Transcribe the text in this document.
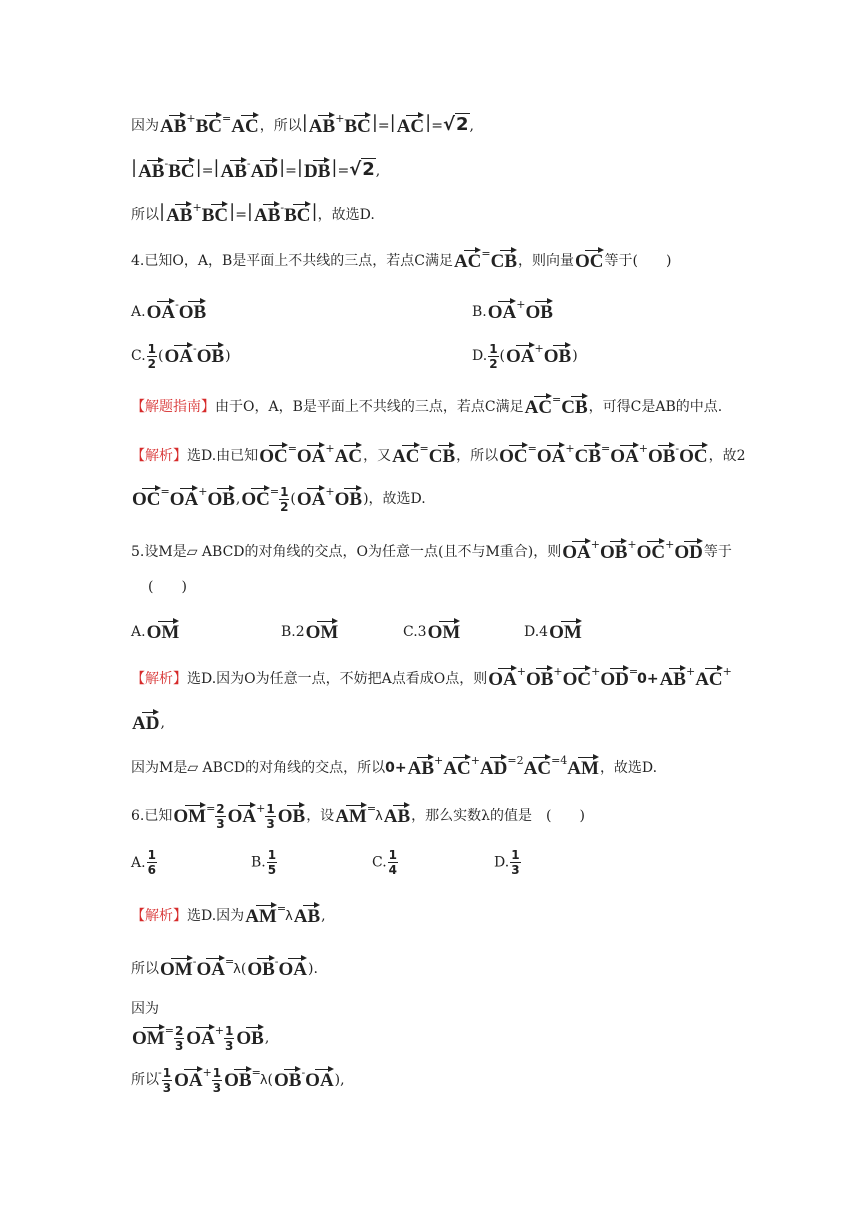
因为AB+BC=AC，所以|AB+BC|=|AC|=√2,
|AB-BC|=|AB-AD|=|DB|=√2,
所以|AB+BC|=|AB-BC|，故选D.
4.已知O，A，B是平面上不共线的三点，若点C满足AC=CB，则向量OC等于(　　)
A.OA-OB	B.OA+OB
C. $\frac{1}{2} (OA^-OB)$	D. $\frac{1}{2} (OA^+OB)$
【解题指南】由于O，A，B是平面上不共线的三点，若点C满足AC=CB，可得C是AB的中点.
【解析】选D.由已知OC=OA+AC，又AC=CB，所以OC=OA+CB=OA+OB-OC，故2
$OC^=OA^+OB,OC^= \frac{1}{2} (OA^+OB)$，故选D.
5.设M是▱ ABCD的对角线的交点，O为任意一点(且不与M重合)，则OA+OB+OC+OD等于
(　　)
A.OM	B.2OM	C.3OM	D.4OM
【解析】选D.因为O为任意一点，不妨把A点看成O点，则OA+OB+OC+OD=0+AB+AC+
AD,
因为M是▱ ABCD的对角线的交点，所以$0+AB^+AC^+AD^{=2}AC^{=4}AM$，故选D.
6.已知$OM^= \frac{2}{3} OA^+ \frac{1}{3}$ OB，设AM=λAB，那么实数λ的值是　(　　)
A. $\frac{1}{6}$	B. $\frac{1}{5}$	C. $\frac{1}{4}$	D. $\frac{1}{3}$
【解析】选D.因为AM=λAB,
所以OM-OA=λ(OB-OA).
因为
$OM^= \frac{2}{3} OA^+ \frac{1}{3}$ OB,
所以$^- \frac{1}{3} OA^+ \frac{1}{3} OB^=\lambda(OB^-OA)$,
